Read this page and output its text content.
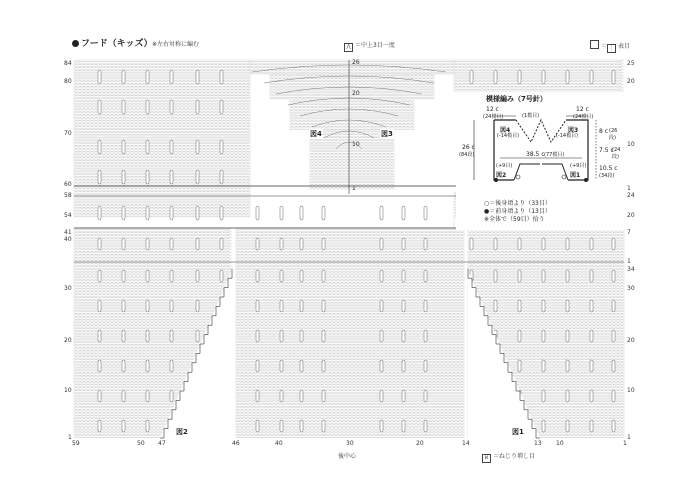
フード（キッズ） ※左右対称に編む	⋀ ＝中上3目一度	＝ ｜ 表目
84
80
70
60
58
54
41
40
30
20
10
1
25
20
10
1
24
20
7
1
34
30
20
10
1
26
20
10
1
59	50 47	46	40	30	20	14	13 10	1
後中心	ℵ ＝ねじり増し目
図2	図1
図4	図3
模様編み（7号針）
12 c
(24模目)	(1模目)
12 c
(24模目)
図4
(-14模目)
図3
(-14模目)
26 c
(84段)
8 c (26段)
7.5 c
(24段)
10.5 c
(34段)
38.5 c (77模目)
(+9目)
図2
(+9目)
図1
○＝後身頃より（33目）
●＝前身頃より（13目）
※全体で（59目）拾う
